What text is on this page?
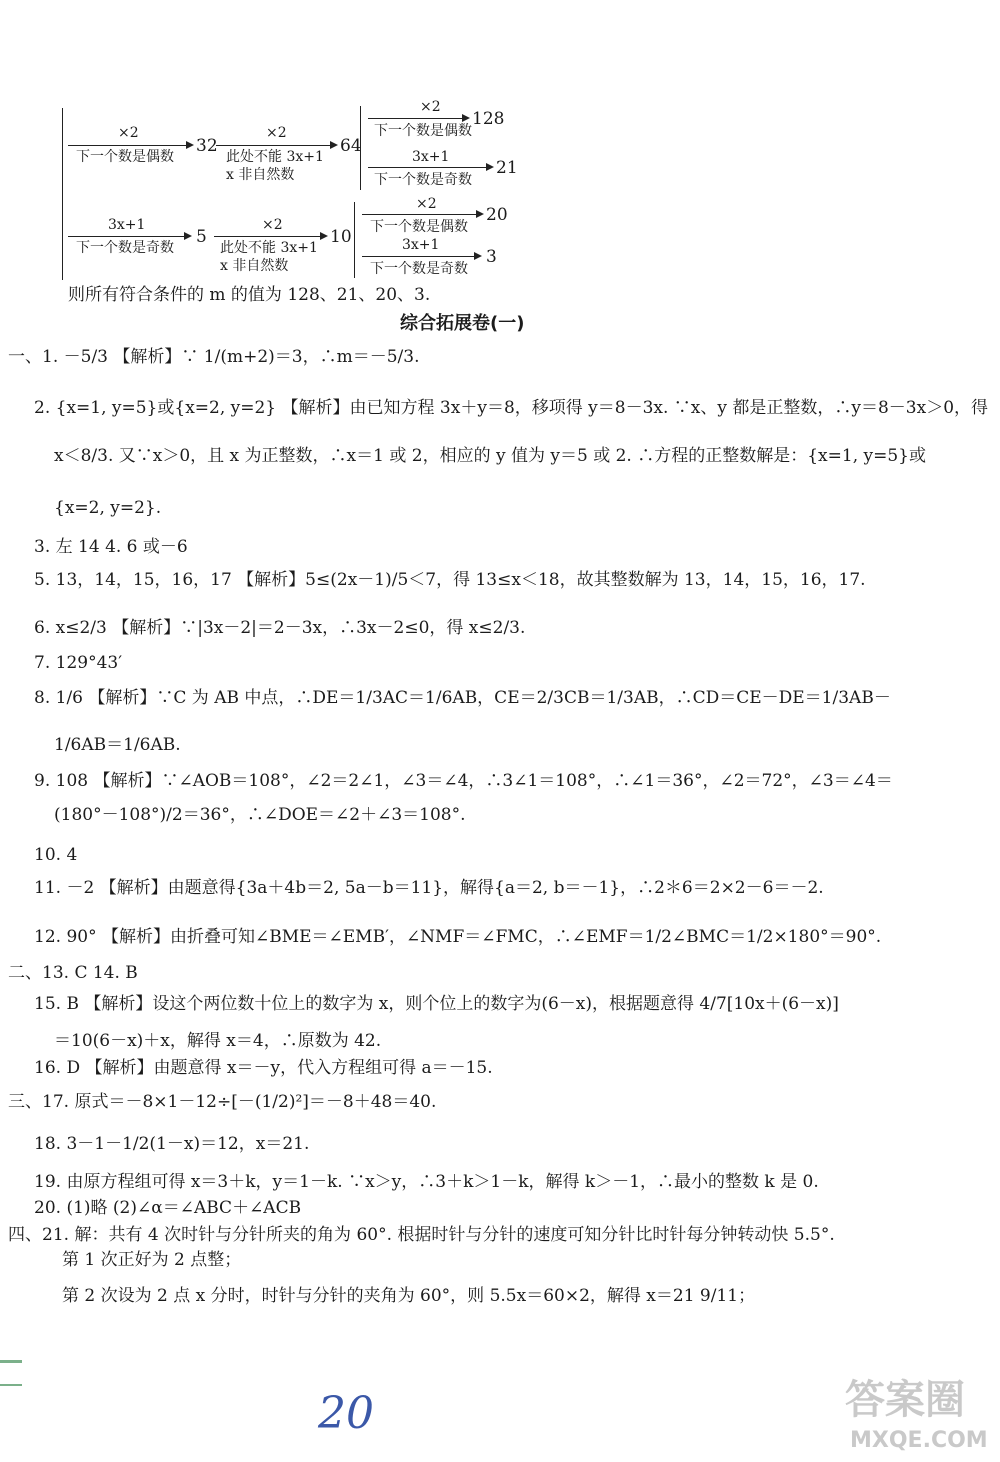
×2
下一个数是偶数
32
×2
此处不能 3x+1
x 非自然数
64
×2
下一个数是偶数
128
3x+1
下一个数是奇数
21
3x+1
下一个数是奇数
5
×2
此处不能 3x+1
x 非自然数
10
×2
下一个数是偶数
20
3x+1
下一个数是奇数
3
则所有符合条件的 m 的值为 128、21、20、3.
综合拓展卷(一)
一、1. －5/3 【解析】∵ 1/(m+2)＝3，∴m＝－5/3.
2. {x=1, y=5}或{x=2, y=2} 【解析】由已知方程 3x＋y＝8，移项得 y＝8－3x. ∵x、y 都是正整数，∴y＝8－3x＞0，得
x＜8/3. 又∵x＞0，且 x 为正整数，∴x＝1 或 2，相应的 y 值为 y＝5 或 2. ∴方程的正整数解是：{x=1, y=5}或
{x=2, y=2}.
3. 左 14 4. 6 或－6
5. 13，14，15，16，17 【解析】5≤(2x－1)/5＜7，得 13≤x＜18，故其整数解为 13，14，15，16，17.
6. x≤2/3 【解析】∵|3x－2|＝2－3x，∴3x－2≤0，得 x≤2/3.
7. 129°43′
8. 1/6 【解析】∵C 为 AB 中点，∴DE＝1/3AC＝1/6AB，CE＝2/3CB＝1/3AB，∴CD＝CE－DE＝1/3AB－
1/6AB＝1/6AB.
9. 108 【解析】∵∠AOB＝108°，∠2＝2∠1，∠3＝∠4，∴3∠1＝108°，∴∠1＝36°，∠2＝72°，∠3＝∠4＝
(180°－108°)/2＝36°，∴∠DOE＝∠2＋∠3＝108°.
10. 4
11. －2 【解析】由题意得{3a＋4b＝2, 5a－b＝11}，解得{a＝2, b＝－1}，∴2＊6＝2×2－6＝－2.
12. 90° 【解析】由折叠可知∠BME＝∠EMB′，∠NMF＝∠FMC，∴∠EMF＝1/2∠BMC＝1/2×180°＝90°.
二、13. C 14. B
15. B 【解析】设这个两位数十位上的数字为 x，则个位上的数字为(6－x)，根据题意得 4/7[10x＋(6－x)]
＝10(6－x)＋x，解得 x＝4，∴原数为 42.
16. D 【解析】由题意得 x＝－y，代入方程组可得 a＝－15.
三、17. 原式＝－8×1－12÷[－(1/2)²]＝－8＋48＝40.
18. 3－1－1/2(1－x)＝12，x＝21.
19. 由原方程组可得 x＝3＋k，y＝1－k. ∵x＞y，∴3＋k＞1－k，解得 k＞－1，∴最小的整数 k 是 0.
20. (1)略 (2)∠α＝∠ABC＋∠ACB
四、21. 解：共有 4 次时针与分针所夹的角为 60°. 根据时针与分针的速度可知分针比时针每分钟转动快 5.5°.
第 1 次正好为 2 点整；
第 2 次设为 2 点 x 分时，时针与分针的夹角为 60°，则 5.5x＝60×2，解得 x＝21 9/11；
20	答案圈
MXQE.COM
